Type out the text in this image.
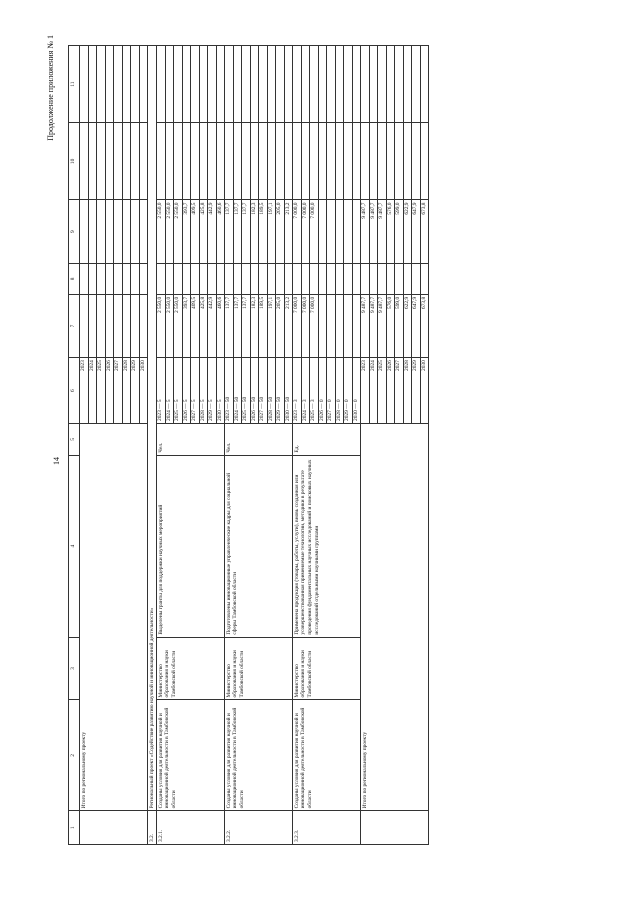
14
Продолжение приложения № 1
1	2	3	4	5	6	7	8	9	10	11
	Итого по региональному проекту				2023					
					2024					
					2025					
					2026					
					2027					
					2028					
					2029					
					2030					
3.2.	Региональный проект «Содействие развитию научной и инновационной деятельности»									
3.2.1.	Созданы условия для развития научной и инновационной деятельности в Тамбовской области	Министерство образования и науки Тамбовской области	Выделены гранты для поддержки научных мероприятий	Чел.	2023 — 5	2 550,0		2 550,0		
					2024 — 5	2 550,0		2 550,0		
					2025 — 5	2 550,0		2 550,0		
					2026 — 5	393,7		393,7		
					2027 — 5	409,5		409,5		
					2028 — 5	425,8		425,8		
					2029 — 5	442,9		442,9		
					2030 — 5	460,6		460,6		
3.2.2.	Созданы условия для развития научной и инновационной деятельности в Тамбовской области	Министерство образования и науки Тамбовской области	Подготовлены инновационные управленческие кадры для социальной сферы Тамбовской области	Чел.	2023 — 50	137,7		137,7		
					2024 — 50	137,7		137,7		
					2025 — 50	137,7		137,7		
					2026 — 50	182,3		182,3		
					2027 — 50	189,5		189,5		
					2028 — 50	197,1		197,1		
					2029 — 50	205,0		205,0		
					2030 — 50	213,2		213,2		
3.2.3.	Созданы условия для развития научной и инновационной деятельности в Тамбовской области	Министерство образования и науки Тамбовской области	Применена продукция (товары, работы, услуги), вновь созданная или усовершенствованная применяемые технологии, методики в результате проведения фундаментальных научных исследований и поисковых научных исследований отдельными научными группами	Ед.	2023 — 3	7 000,0		7 000,0		
					2024 — 3	7 000,0		7 000,0		
					2025 — 3	7 000,0		7 000,0		
					2026 — 0					
					2027 — 0					
					2028 — 0					
					2029 — 0					
					2030 — 0					
	Итого по региональному проекту				2023	9 487,7		9 487,7		
					2024	9 487,7		9 487,7		
					2025	9 487,7		9 487,7		
					2026	576,0		576,0		
					2027	599,0		599,0		
					2028	622,9		622,9		
					2029	647,9		647,9		
					2030	673,8		673,8		
